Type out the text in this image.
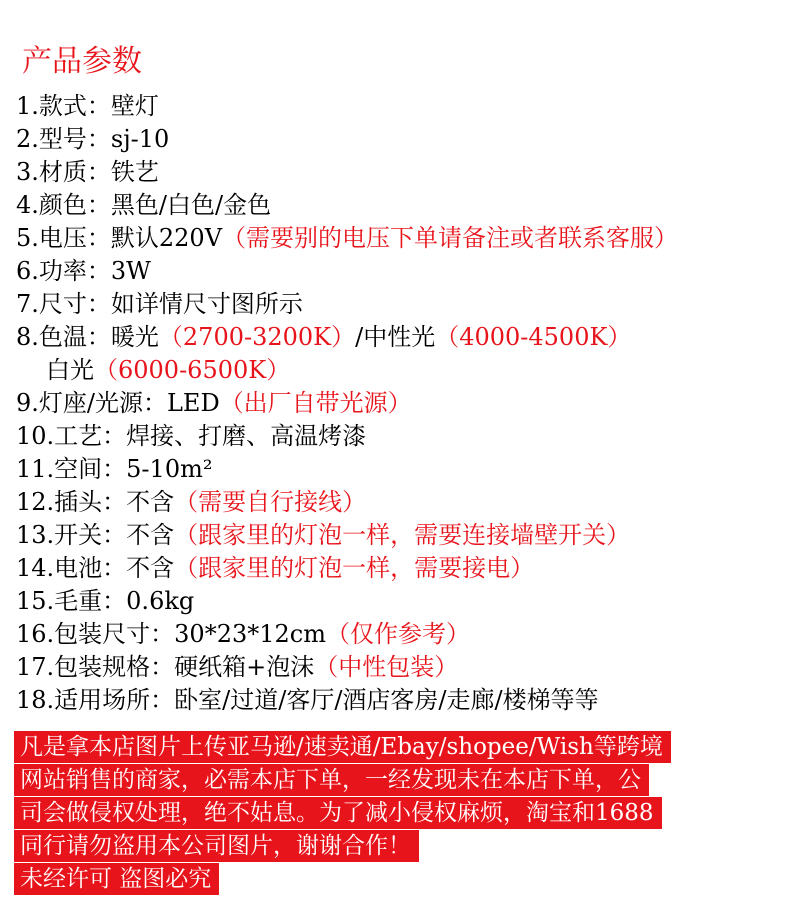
产品参数
1.款式：壁灯
2.型号：sj-10
3.材质：铁艺
4.颜色：黑色/白色/金色
5.电压：默认220V（需要别的电压下单请备注或者联系客服）
6.功率：3W
7.尺寸：如详情尺寸图所示
8.色温：暖光（2700-3200K）/中性光（4000-4500K）
白光（6000-6500K）
9.灯座/光源：LED（出厂自带光源）
10.工艺：焊接、打磨、高温烤漆
11.空间：5-10m²
12.插头：不含（需要自行接线）
13.开关：不含（跟家里的灯泡一样，需要连接墙壁开关）
14.电池：不含（跟家里的灯泡一样，需要接电）
15.毛重：0.6kg
16.包装尺寸：30*23*12cm（仅作参考）
17.包装规格：硬纸箱+泡沫（中性包装）
18.适用场所：卧室/过道/客厅/酒店客房/走廊/楼梯等等
凡是拿本店图片上传亚马逊/速卖通/Ebay/shopee/Wish等跨境
网站销售的商家，必需本店下单，一经发现未在本店下单，公
司会做侵权处理，绝不姑息。为了减小侵权麻烦，淘宝和1688
同行请勿盗用本公司图片，谢谢合作！
未经许可 盗图必究
